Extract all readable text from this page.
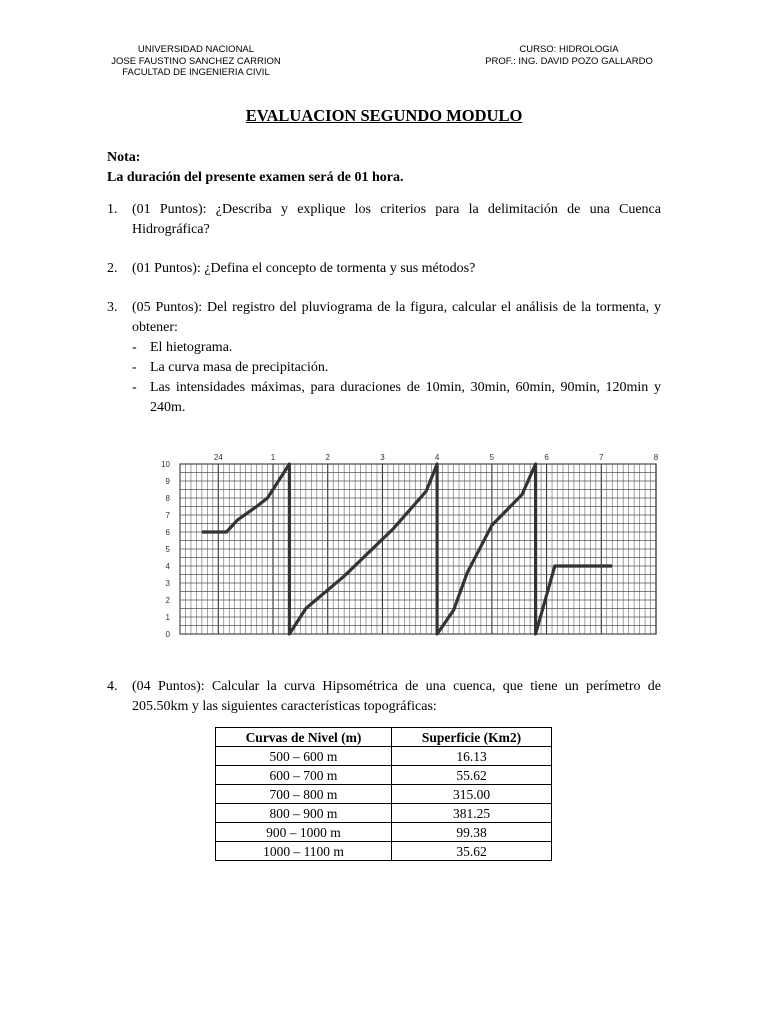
UNIVERSIDAD NACIONAL
JOSE FAUSTINO SANCHEZ CARRION
FACULTAD DE INGENIERIA CIVIL
CURSO: HIDROLOGIA
PROF.: ING. DAVID POZO GALLARDO
EVALUACION SEGUNDO MODULO
Nota:
La duración del presente examen será de 01 hora.
1. (01 Puntos): ¿Describa y explique los criterios para la delimitación de una Cuenca Hidrográfica?
2. (01 Puntos): ¿Defina el concepto de tormenta y sus métodos?
3. (05 Puntos): Del registro del pluviograma de la figura, calcular el análisis de la tormenta, y obtener:
- El hietograma.
- La curva masa de precipitación.
- Las intensidades máximas, para duraciones de 10min, 30min, 60min, 90min, 120min y 240m.
24	1	2	3	4	5	6	7	8
0
1
2
3
4
5
6
7
8
9
10
4. (04 Puntos): Calcular la curva Hipsométrica de una cuenca, que tiene un perímetro de 205.50km y las siguientes características topográficas:
Curvas de Nivel (m)	Superficie (Km2)
500 – 600 m	16.13
600 – 700 m	55.62
700 – 800 m	315.00
800 – 900 m	381.25
900 – 1000 m	99.38
1000 – 1100 m	35.62
